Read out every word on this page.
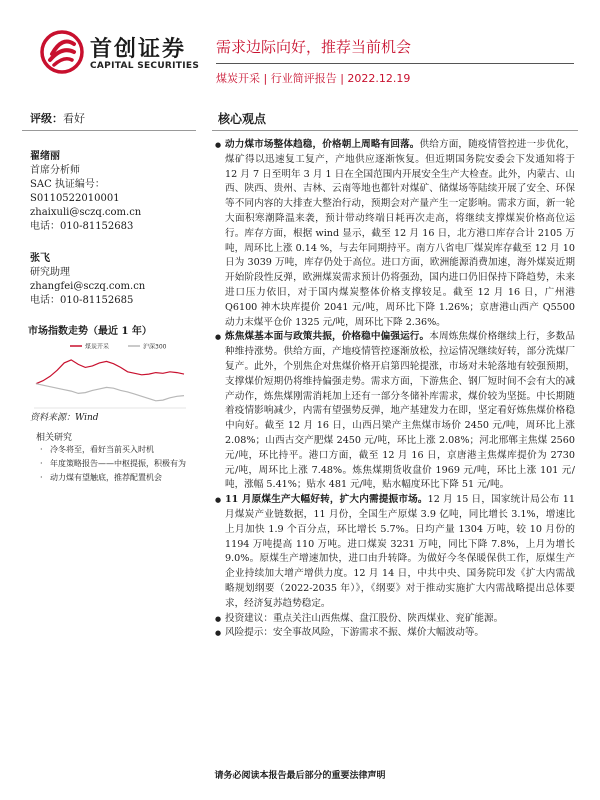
首创证券
CAPITAL SECURITIES
需求边际向好，推荐当前机会
煤炭开采 | 行业简评报告 | 2022.12.19
评级：看好	核心观点
翟绪丽
首席分析师
SAC 执证编号：
S0110522010001
zhaixuli@sczq.com.cn
电话：010-81152683
张飞
研究助理
zhangfei@sczq.com.cn
电话：010-81152685
市场指数走势（最近 1 年）
煤炭开采	沪深300
资料来源：Wind
相关研究
· 冷冬将至，看好当前买入时机
· 年度策略报告——中枢提振，积极有为
· 动力煤有望触底，推荐配置机会
● 动力煤市场整体趋稳，价格朝上周略有回落。供给方面，随疫情管控进一步优化，煤矿得以迅速复工复产，产地供应逐渐恢复。但近期国务院安委会下发通知将于 12 月 7 日至明年 3 月 1 日在全国范围内开展安全生产大检查。此外，内蒙古、山西、陕西、贵州、吉林、云南等地也都针对煤矿、储煤场等陆续开展了安全、环保等不同内容的大排查大整治行动，预期会对产量产生一定影响。需求方面，新一轮大面积寒潮降温来袭，预计带动终端日耗再次走高，将继续支撑煤炭价格高位运行。库存方面，根据 wind 显示，截至 12 月 16 日，北方港口库存合计 2105 万吨，周环比上涨 0.14 %，与去年同期持平。南方八省电厂煤炭库存截至 12 月 10 日为 3039 万吨，库存仍处于高位。进口方面，欧洲能源消费加速，海外煤炭近期开始阶段性反弹，欧洲煤炭需求预计仍将强劲，国内进口仍旧保持下降趋势，未来进口压力依旧，对于国内煤炭整体价格支撑较足。截至 12 月 16 日，广州港 Q6100 神木块库提价 2041 元/吨，周环比下降 1.26%；京唐港山西产 Q5500 动力末煤平仓价 1325 元/吨，周环比下降 2.36%。
● 炼焦煤基本面与政策共振，价格稳中偏强运行。本周炼焦煤价格继续上行，多数品种维持涨势。供给方面，产地疫情管控逐渐放松，拉运情况继续好转，部分洗煤厂复产。此外，个别焦企对焦煤价格开启第四轮提涨，市场对未轮落地有较强预期，支撑煤价短期仍将维持偏强走势。需求方面，下游焦企、钢厂短时间不会有大的减产动作，炼焦煤刚需消耗加上还有一部分冬储补库需求，煤价较为坚挺。中长期随着疫情影响减少，内需有望强势反弹，地产基建发力在即，坚定看好炼焦煤价格稳中向好。截至 12 月 16 日，山西吕梁产主焦煤市场价 2450 元/吨，周环比上涨 2.08%；山西古交产肥煤 2450 元/吨，环比上涨 2.08%；河北邢郸主焦煤 2560 元/吨，环比持平。港口方面，截至 12 月 16 日，京唐港主焦煤库提价为 2730 元/吨，周环比上涨 7.48%。炼焦煤期货收盘价 1969 元/吨，环比上涨 101 元/吨，涨幅 5.41%；贴水 481 元/吨，贴水幅度环比下降 51 元/吨。
● 11 月原煤生产大幅好转，扩大内需提振市场。12 月 15 日，国家统计局公布 11 月煤炭产业链数据，11 月份，全国生产原煤 3.9 亿吨，同比增长 3.1%，增速比上月加快 1.9 个百分点，环比增长 5.7%。日均产量 1304 万吨，较 10 月份的 1194 万吨提高 110 万吨。进口煤炭 3231 万吨，同比下降 7.8%，上月为增长 9.0%。原煤生产增速加快，进口由升转降。为做好今冬保暖保供工作，原煤生产企业持续加大增产增供力度。12 月 14 日，中共中央、国务院印发《扩大内需战略规划纲要（2022-2035 年）》，《纲要》对于推动实施扩大内需战略提出总体要求，经济复苏趋势稳定。
● 投资建议：重点关注山西焦煤、盘江股份、陕西煤业、兖矿能源。
● 风险提示：安全事故风险，下游需求不振、煤价大幅波动等。
请务必阅读本报告最后部分的重要法律声明
